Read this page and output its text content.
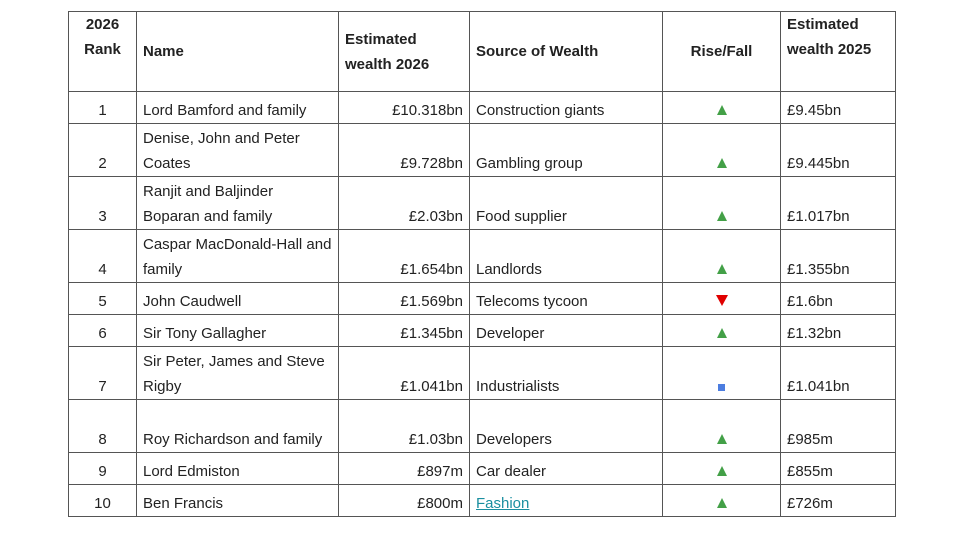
2026 Rank	Name	Estimated wealth 2026	Source of Wealth	Rise/Fall	Estimated wealth 2025
1	Lord Bamford and family	£10.318bn	Construction giants		£9.45bn
2	Denise, John and Peter Coates	£9.728bn	Gambling group		£9.445bn
3	Ranjit and Baljinder Boparan and family	£2.03bn	Food supplier		£1.017bn
4	Caspar MacDonald-Hall and family	£1.654bn	Landlords		£1.355bn
5	John Caudwell	£1.569bn	Telecoms tycoon		£1.6bn
6	Sir Tony Gallagher	£1.345bn	Developer		£1.32bn
7	Sir Peter, James and Steve Rigby	£1.041bn	Industrialists		£1.041bn
8	Roy Richardson and family	£1.03bn	Developers		£985m
9	Lord Edmiston	£897m	Car dealer		£855m
10	Ben Francis	£800m	Fashion		£726m
